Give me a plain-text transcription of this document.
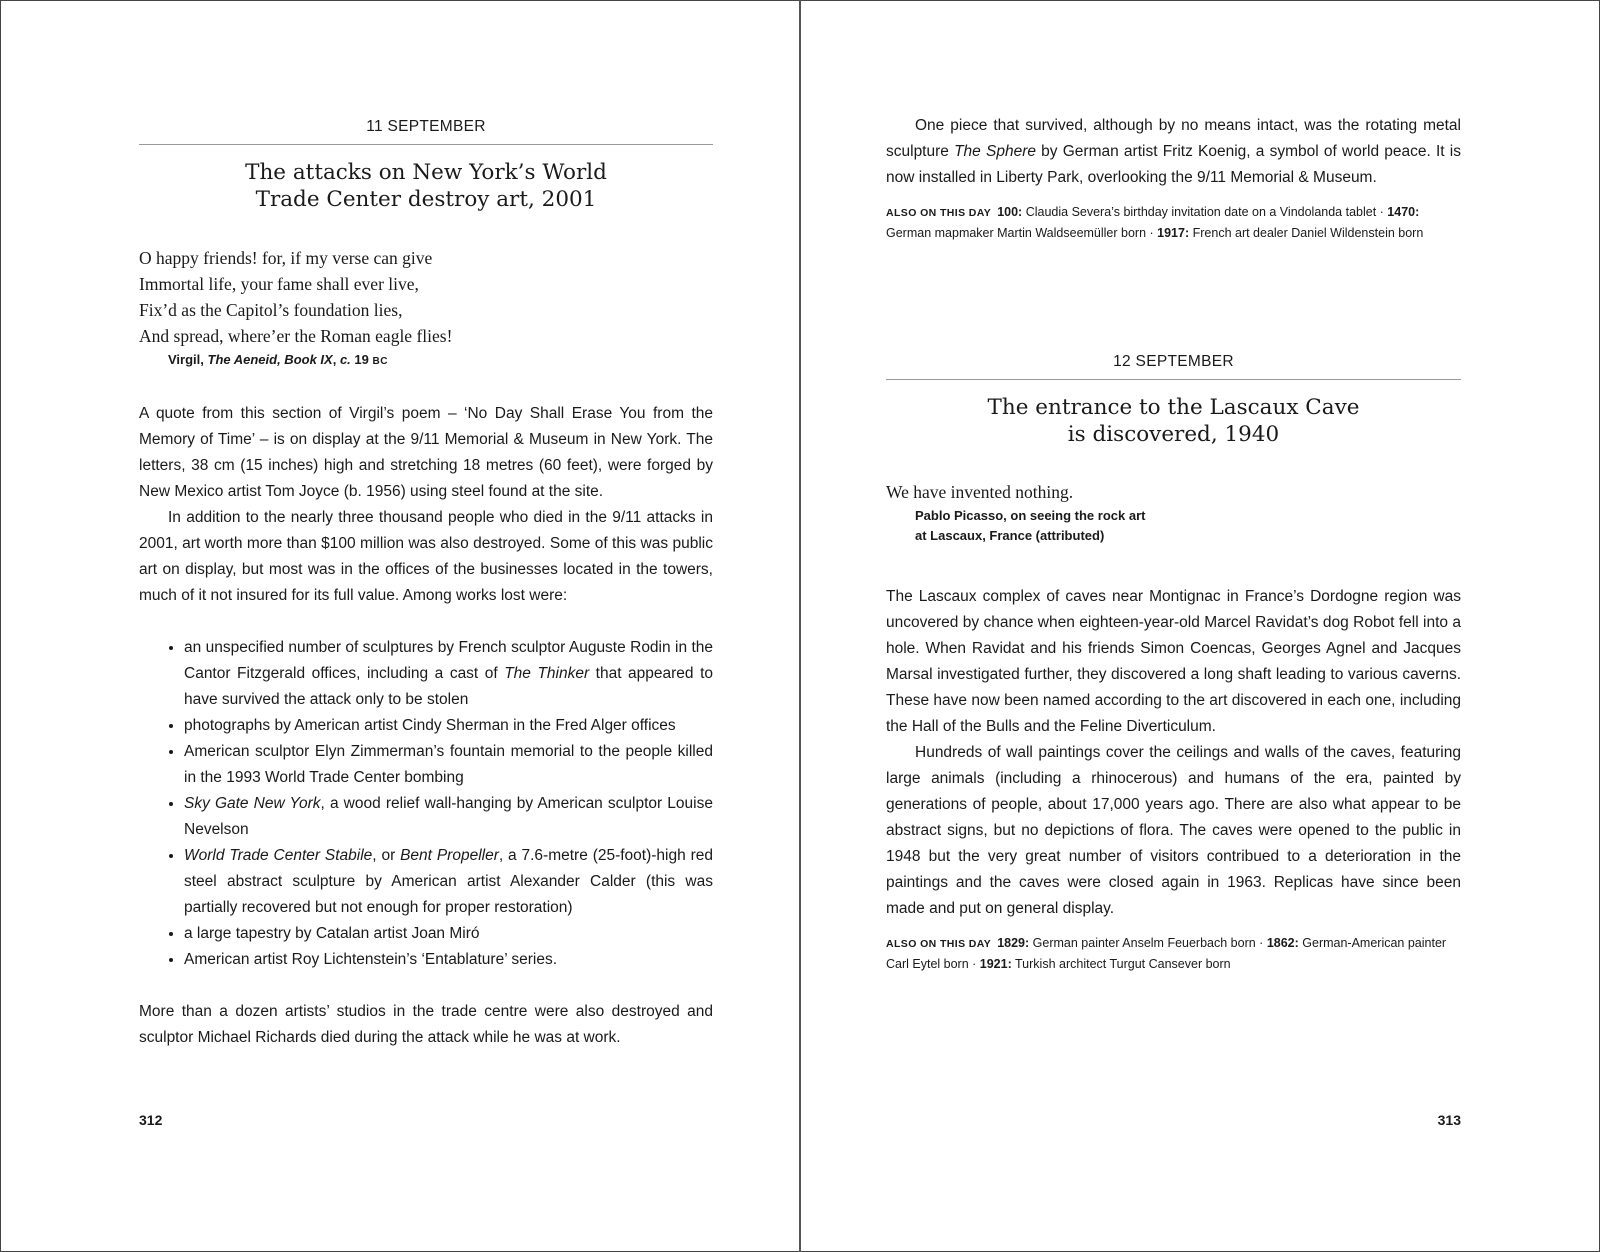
11 SEPTEMBER

The attacks on New York’s World
Trade Center destroy art, 2001

O happy friends! for, if my verse can give
Immortal life, your fame shall ever live,
Fix’d as the Capitol’s foundation lies,
And spread, where’er the Roman eagle flies!

Virgil, The Aeneid, Book IX, c. 19 BC

A quote from this section of Virgil’s poem – ‘No Day Shall Erase You from the Memory of Time’ – is on display at the 9/11 Memorial & Museum in New York. The letters, 38 cm (15 inches) high and stretching 18 metres (60 feet), were forged by New Mexico artist Tom Joyce (b. 1956) using steel found at the site.

In addition to the nearly three thousand people who died in the 9/11 attacks in 2001, art worth more than $100 million was also destroyed. Some of this was public art on display, but most was in the offices of the businesses located in the towers, much of it not insured for its full value. Among works lost were:

• an unspecified number of sculptures by French sculptor Auguste Rodin in the Cantor Fitzgerald offices, including a cast of The Thinker that appeared to have survived the attack only to be stolen
• photographs by American artist Cindy Sherman in the Fred Alger offices
• American sculptor Elyn Zimmerman’s fountain memorial to the people killed in the 1993 World Trade Center bombing
• Sky Gate New York, a wood relief wall-hanging by American sculptor Louise Nevelson
• World Trade Center Stabile, or Bent Propeller, a 7.6-metre (25-foot)-high red steel abstract sculpture by American artist Alexander Calder (this was partially recovered but not enough for proper restoration)
• a large tapestry by Catalan artist Joan Miró
• American artist Roy Lichtenstein’s ‘Entablature’ series.

More than a dozen artists’ studios in the trade centre were also destroyed and sculptor Michael Richards died during the attack while he was at work.

312

One piece that survived, although by no means intact, was the rotating metal sculpture The Sphere by German artist Fritz Koenig, a symbol of world peace. It is now installed in Liberty Park, overlooking the 9/11 Memorial & Museum.

ALSO ON THIS DAY 100: Claudia Severa’s birthday invitation date on a Vindolanda tablet · 1470: German mapmaker Martin Waldseemüller born · 1917: French art dealer Daniel Wildenstein born

12 SEPTEMBER

The entrance to the Lascaux Cave
is discovered, 1940

We have invented nothing.

Pablo Picasso, on seeing the rock art
at Lascaux, France (attributed)

The Lascaux complex of caves near Montignac in France’s Dordogne region was uncovered by chance when eighteen-year-old Marcel Ravidat’s dog Robot fell into a hole. When Ravidat and his friends Simon Coencas, Georges Agnel and Jacques Marsal investigated further, they discovered a long shaft leading to various caverns. These have now been named according to the art discovered in each one, including the Hall of the Bulls and the Feline Diverticulum.

Hundreds of wall paintings cover the ceilings and walls of the caves, featuring large animals (including a rhinocerous) and humans of the era, painted by generations of people, about 17,000 years ago. There are also what appear to be abstract signs, but no depictions of flora. The caves were opened to the public in 1948 but the very great number of visitors contribued to a deterioration in the paintings and the caves were closed again in 1963. Replicas have since been made and put on general display.

ALSO ON THIS DAY 1829: German painter Anselm Feuerbach born · 1862: German-American painter Carl Eytel born · 1921: Turkish architect Turgut Cansever born

313
